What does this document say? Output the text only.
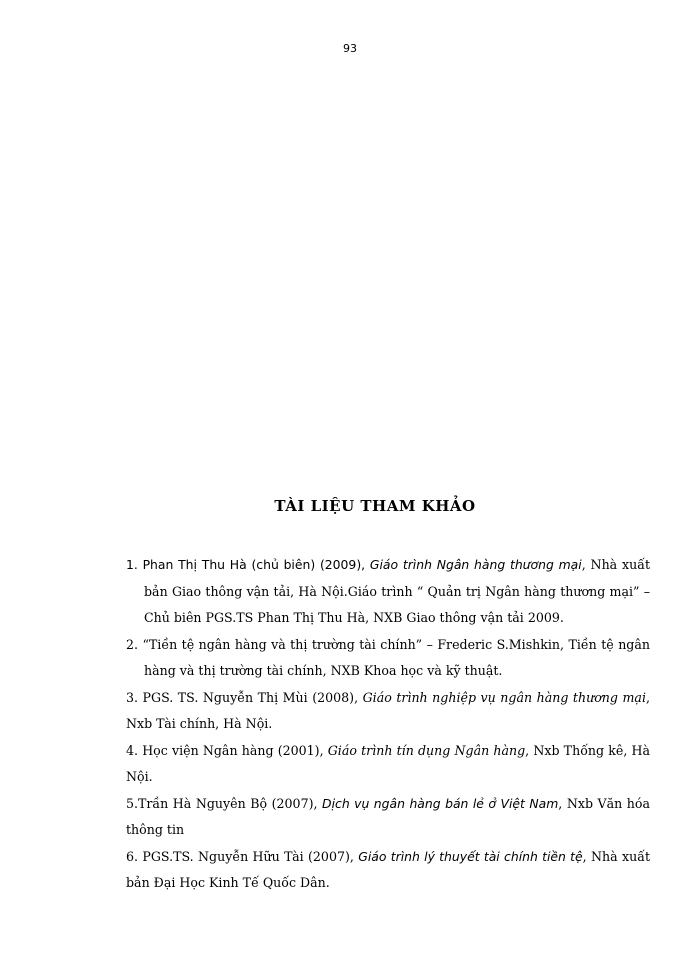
93
TÀI LIỆU THAM KHẢO

1. Phan Thị Thu Hà (chủ biên) (2009), Giáo trình Ngân hàng thương mại, Nhà xuất bản Giao thông vận tải, Hà Nội.Giáo trình “ Quản trị Ngân hàng thương mại” – Chủ biên PGS.TS Phan Thị Thu Hà, NXB Giao thông vận tải 2009.

2. “Tiền tệ ngân hàng và thị trường tài chính” – Frederic S.Mishkin, Tiền tệ ngân hàng và thị trường tài chính, NXB Khoa học và kỹ thuật.

3. PGS. TS. Nguyễn Thị Mùi (2008), Giáo trình nghiệp vụ ngân hàng thương mại, Nxb Tài chính, Hà Nội.

4. Học viện Ngân hàng (2001), Giáo trình tín dụng Ngân hàng, Nxb Thống kê, Hà Nội.

5.Trần Hà Nguyên Bộ (2007), Dịch vụ ngân hàng bán lẻ ở Việt Nam, Nxb Văn hóa thông tin

6. PGS.TS. Nguyễn Hữu Tài (2007), Giáo trình lý thuyết tài chính tiền tệ, Nhà xuất bản Đại Học Kinh Tế Quốc Dân.
